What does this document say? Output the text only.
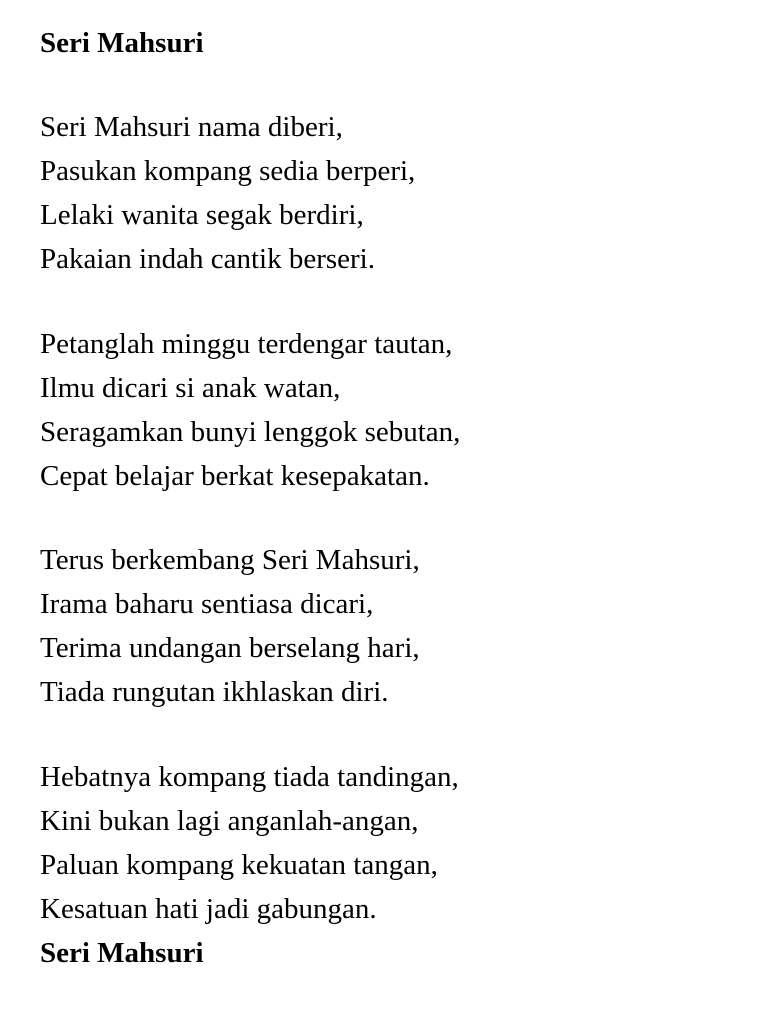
Seri Mahsuri
Seri Mahsuri nama diberi,
Pasukan kompang sedia berperi,
Lelaki wanita segak berdiri,
Pakaian indah cantik berseri.
Petanglah minggu terdengar tautan,
Ilmu dicari si anak watan,
Seragamkan bunyi lenggok sebutan,
Cepat belajar berkat kesepakatan.
Terus berkembang Seri Mahsuri,
Irama baharu sentiasa dicari,
Terima undangan berselang hari,
Tiada rungutan ikhlaskan diri.
Hebatnya kompang tiada tandingan,
Kini bukan lagi anganlah-angan,
Paluan kompang kekuatan tangan,
Kesatuan hati jadi gabungan.
Seri Mahsuri
